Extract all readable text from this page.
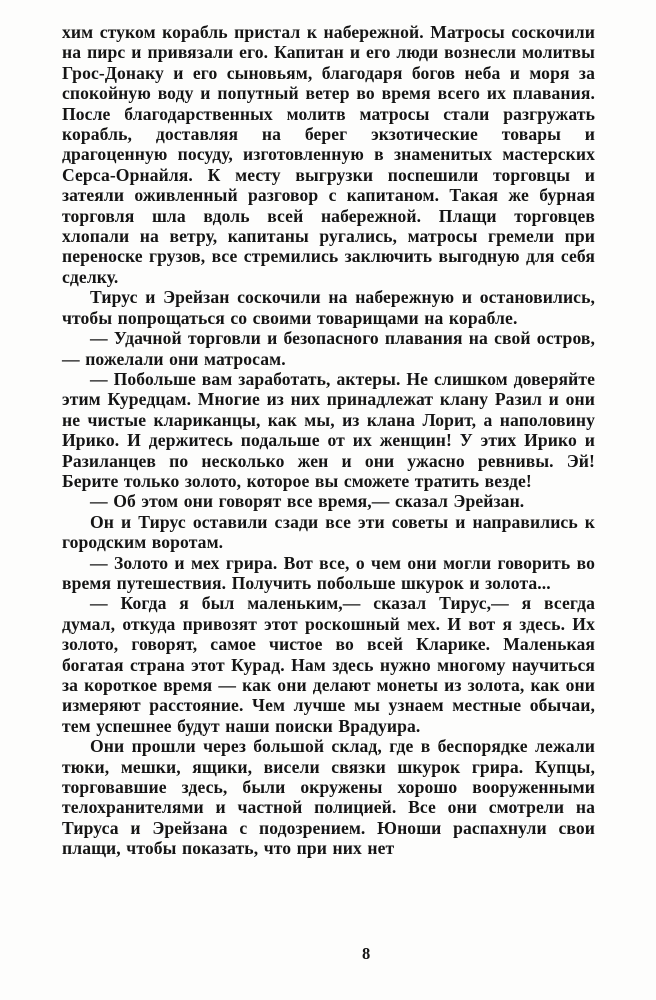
хим стуком корабль пристал к набережной. Матросы соскочили на пирс и привязали его. Капитан и его люди вознесли молитвы Грос-Донаку и его сыновьям, благодаря богов неба и моря за спокойную воду и попутный ветер во время всего их плавания. После благодарственных молитв матросы стали разгружать корабль, доставляя на берег экзотические товары и драгоценную посуду, изготовленную в знаменитых мастерских Серса-Орнайля. К месту выгрузки поспешили торговцы и затеяли оживленный разговор с капитаном. Такая же бурная торговля шла вдоль всей набережной. Плащи торговцев хлопали на ветру, капитаны ругались, матросы гремели при переноске грузов, все стремились заключить выгодную для себя сделку.

Тирус и Эрейзан соскочили на набережную и остановились, чтобы попрощаться со своими товарищами на корабле.

— Удачной торговли и безопасного плавания на свой остров,— пожелали они матросам.

— Побольше вам заработать, актеры. Не слишком доверяйте этим Куредцам. Многие из них принадлежат клану Разил и они не чистые клариканцы, как мы, из клана Лорит, а наполовину Ирико. И держитесь подальше от их женщин! У этих Ирико и Разиланцев по несколько жен и они ужасно ревнивы. Эй! Берите только золото, которое вы сможете тратить везде!

— Об этом они говорят все время,— сказал Эрейзан.

Он и Тирус оставили сзади все эти советы и направились к городским воротам.

— Золото и мех грира. Вот все, о чем они могли говорить во время путешествия. Получить побольше шкурок и золота...

— Когда я был маленьким,— сказал Тирус,— я всегда думал, откуда привозят этот роскошный мех. И вот я здесь. Их золото, говорят, самое чистое во всей Кларике. Маленькая богатая страна этот Курад. Нам здесь нужно многому научиться за короткое время — как они делают монеты из золота, как они измеряют расстояние. Чем лучше мы узнаем местные обычаи, тем успешнее будут наши поиски Врадуира.

Они прошли через большой склад, где в беспорядке лежали тюки, мешки, ящики, висели связки шкурок грира. Купцы, торговавшие здесь, были окружены хорошо вооруженными телохранителями и частной полицией. Все они смотрели на Тируса и Эрейзана с подозрением. Юноши распахнули свои плащи, чтобы показать, что при них нет

8
